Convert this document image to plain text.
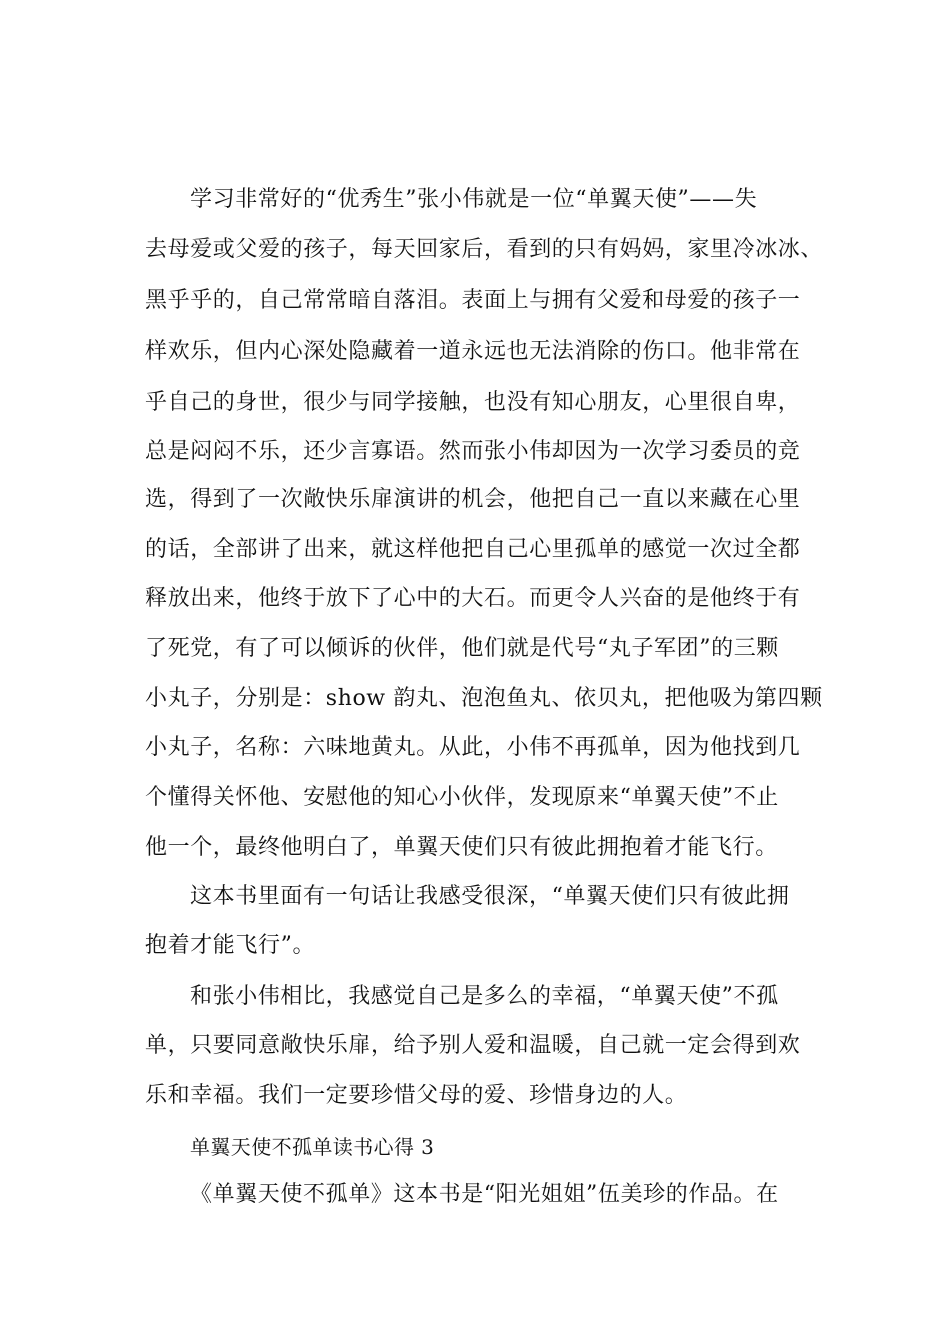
学习非常好的“优秀生”张小伟就是一位“单翼天使”——失
去母爱或父爱的孩子，每天回家后，看到的只有妈妈，家里冷冰冰、
黑乎乎的，自己常常暗自落泪。表面上与拥有父爱和母爱的孩子一
样欢乐，但内心深处隐藏着一道永远也无法消除的伤口。他非常在
乎自己的身世，很少与同学接触，也没有知心朋友，心里很自卑，
总是闷闷不乐，还少言寡语。然而张小伟却因为一次学习委员的竞
选，得到了一次敞快乐扉演讲的机会，他把自己一直以来藏在心里
的话，全部讲了出来，就这样他把自己心里孤单的感觉一次过全都
释放出来，他终于放下了心中的大石。而更令人兴奋的是他终于有
了死党，有了可以倾诉的伙伴，他们就是代号“丸子军团”的三颗
小丸子，分别是：show 韵丸、泡泡鱼丸、依贝丸，把他吸为第四颗
小丸子，名称：六味地黄丸。从此，小伟不再孤单，因为他找到几
个懂得关怀他、安慰他的知心小伙伴，发现原来“单翼天使”不止
他一个，最终他明白了，单翼天使们只有彼此拥抱着才能飞行。
这本书里面有一句话让我感受很深，“单翼天使们只有彼此拥
抱着才能飞行”。
和张小伟相比，我感觉自己是多么的幸福，“单翼天使”不孤
单，只要同意敞快乐扉，给予别人爱和温暖，自己就一定会得到欢
乐和幸福。我们一定要珍惜父母的爱、珍惜身边的人。
单翼天使不孤单读书心得 3
《单翼天使不孤单》这本书是“阳光姐姐”伍美珍的作品。在
